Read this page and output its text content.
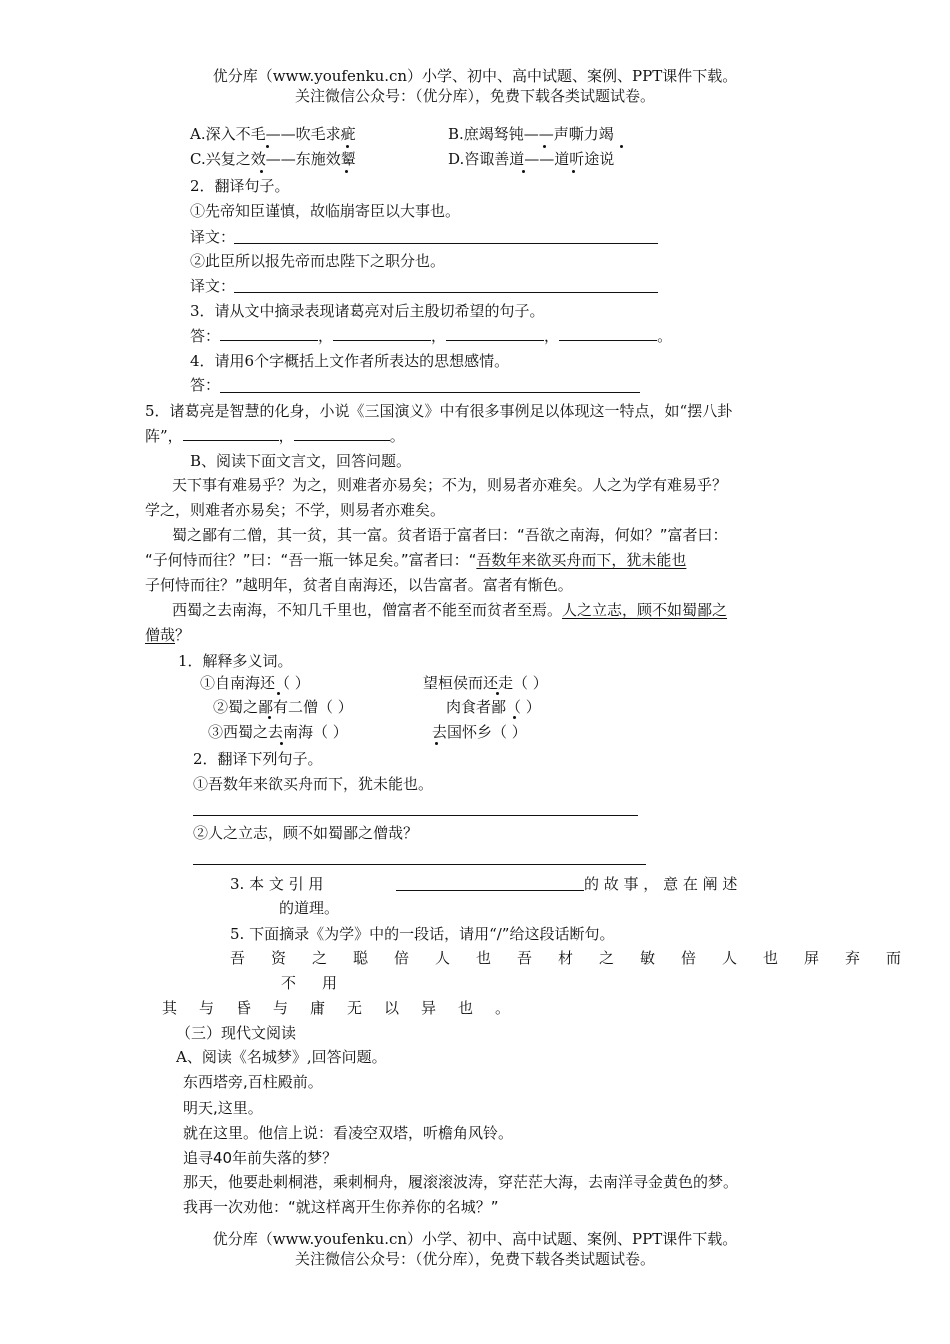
优分库（www.youfenku.cn）小学、初中、高中试题、案例、PPT课件下载。
关注微信公众号：（优分库），免费下载各类试题试卷。
A.深入不毛——吹毛求疵	B.庶竭驽钝——声嘶力竭
C.兴复之效——东施效颦	D.咨诹善道——道听途说
2．翻译句子。
①先帝知臣谨慎，故临崩寄臣以大事也。
译文：
②此臣所以报先帝而忠陛下之职分也。
译文：
3．请从文中摘录表现诸葛亮对后主殷切希望的句子。
答：	，	，	，	。
4．请用6个字概括上文作者所表达的思想感情。
答：
5．诸葛亮是智慧的化身，小说《三国演义》中有很多事例足以体现这一特点，如“摆八卦
阵”，	，	。
B、阅读下面文言文，回答问题。
天下事有难易乎？为之，则难者亦易矣；不为，则易者亦难矣。人之为学有难易乎？
学之，则难者亦易矣；不学，则易者亦难矣。
蜀之鄙有二僧，其一贫，其一富。贫者语于富者曰：“吾欲之南海，何如？”富者曰：
“子何恃而往？”曰：“吾一瓶一钵足矣。”富者曰：“吾数年来欲买舟而下，犹未能也
子何恃而往？”越明年，贫者自南海还，以告富者。富者有惭色。
西蜀之去南海，不知几千里也，僧富者不能至而贫者至焉。人之立志，顾不如蜀鄙之
僧哉？
1．解释多义词。
①自南海还（ ）	望桓侯而还走（ ）
②蜀之鄙有二僧（ ）	肉食者鄙（ ）
③西蜀之去南海（ ）	去国怀乡（ ）
2．翻译下列句子。
①吾数年来欲买舟而下，犹未能也。
②人之立志，顾不如蜀鄙之僧哉？
3. 本 文 引 用	的 故 事 ， 意 在 阐 述
的道理。
5. 下面摘录《为学》中的一段话，请用“/”给这段话断句。
吾资之聪倍人也吾材之敏倍人也屏弃而
不用
其与昏与庸无以异也。
（三）现代文阅读
A、阅读《名城梦》,回答问题。
东西塔旁,百柱殿前。
明天,这里。
就在这里。他信上说：看凌空双塔，听檐角风铃。
追寻40年前失落的梦？
那天，他要赴刺桐港，乘刺桐舟，履滚滚波涛，穿茫茫大海，去南洋寻金黄色的梦。
我再一次劝他：“就这样离开生你养你的名城？”
优分库（www.youfenku.cn）小学、初中、高中试题、案例、PPT课件下载。
关注微信公众号：（优分库），免费下载各类试题试卷。
